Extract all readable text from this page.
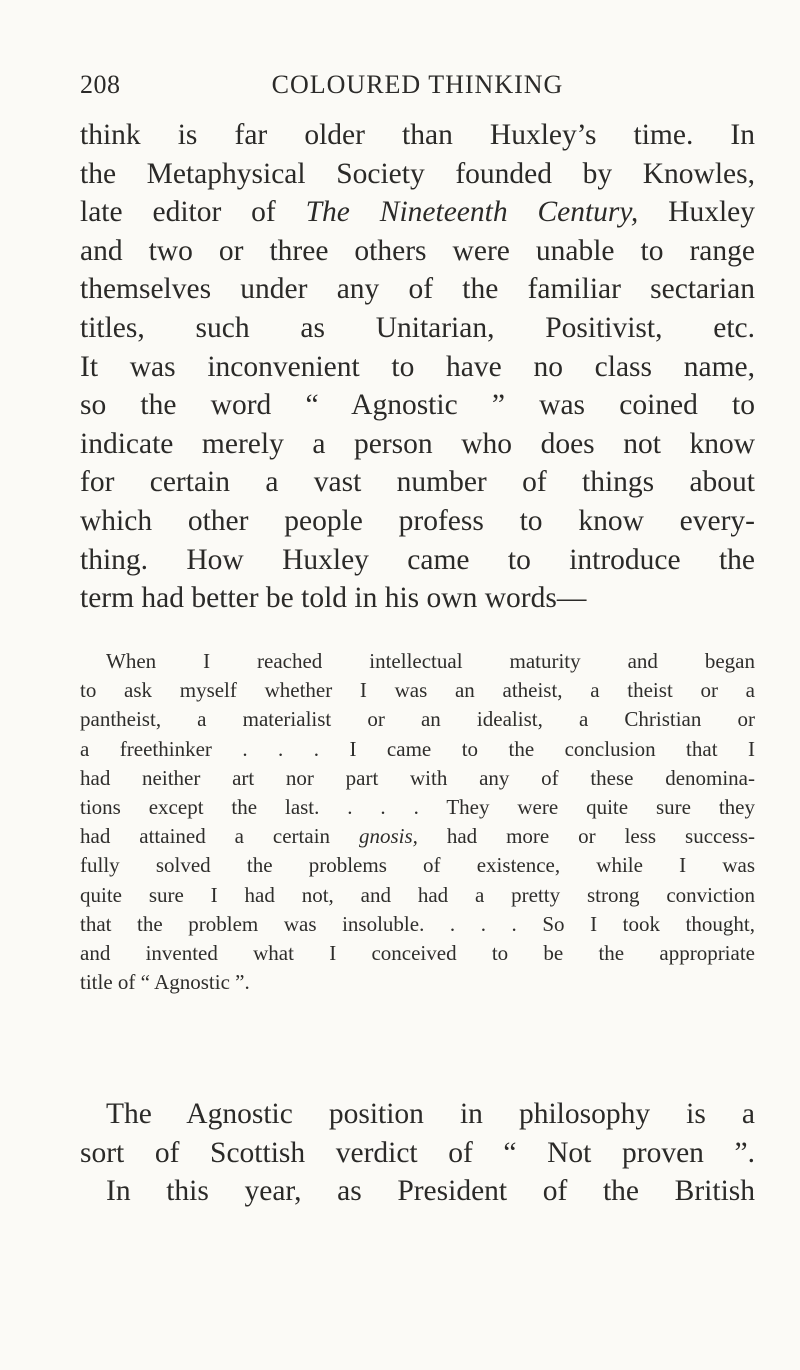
208	COLOURED THINKING

think is far older than Huxley’s time. In
the Metaphysical Society founded by Knowles,
late editor of The Nineteenth Century, Huxley
and two or three others were unable to range
themselves under any of the familiar sectarian
titles, such as Unitarian, Positivist, etc.
It was inconvenient to have no class name,
so the word “ Agnostic ” was coined to
indicate merely a person who does not know
for certain a vast number of things about
which other people profess to know every-
thing. How Huxley came to introduce the
term had better be told in his own words—

When I reached intellectual maturity and began
to ask myself whether I was an atheist, a theist or a
pantheist, a materialist or an idealist, a Christian or
a freethinker . . . I came to the conclusion that I
had neither art nor part with any of these denomina-
tions except the last. . . . They were quite sure they
had attained a certain gnosis, had more or less success-
fully solved the problems of existence, while I was
quite sure I had not, and had a pretty strong conviction
that the problem was insoluble. . . . So I took thought,
and invented what I conceived to be the appropriate
title of “ Agnostic ”.

The Agnostic position in philosophy is a
sort of Scottish verdict of “ Not proven ”.
In this year, as President of the British
